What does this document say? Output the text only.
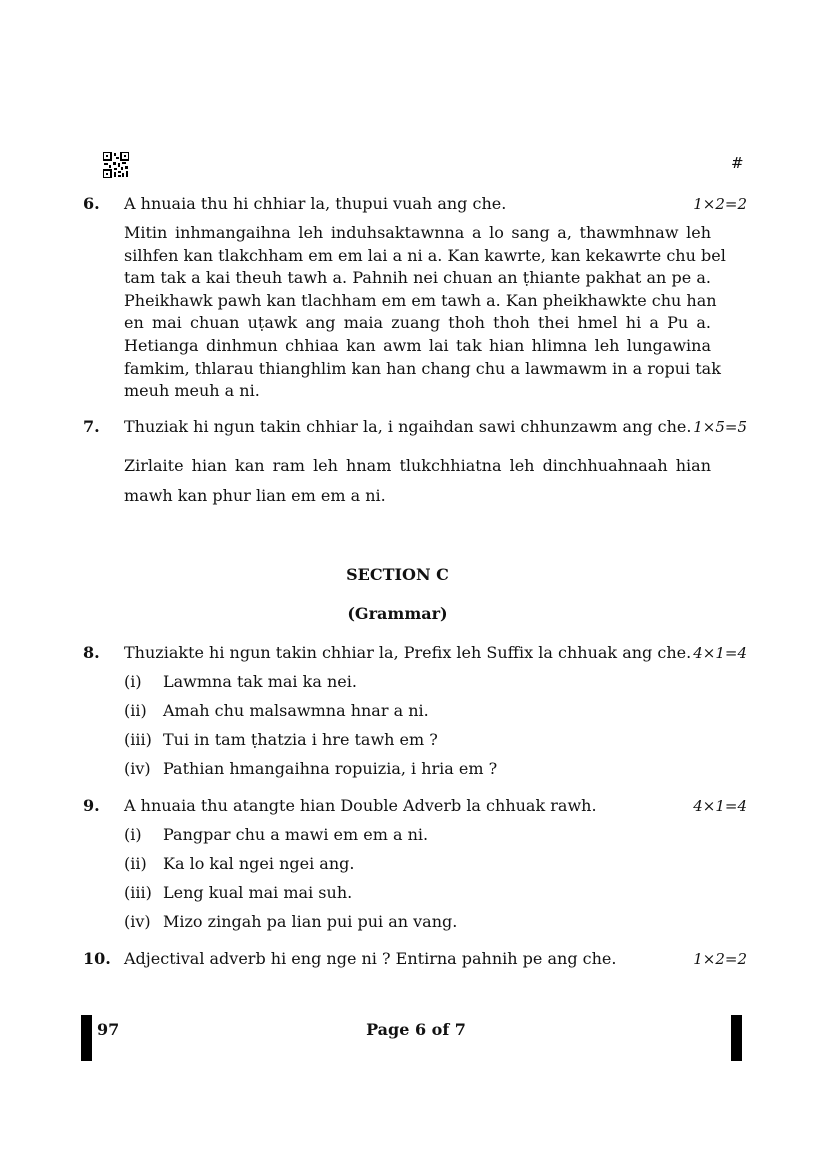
#
6. A hnuaia thu hi chhiar la, thupui vuah ang che.	1×2=2
Mitin inhmangaihna leh induhsaktawnna a lo sang a, thawmhnaw leh
silhfen kan tlakchham em em lai a ni a. Kan kawrte, kan kekawrte chu bel
tam tak a kai theuh tawh a. Pahnih nei chuan an ṭhiante pakhat an pe a.
Pheikhawk pawh kan tlachham em em tawh a. Kan pheikhawkte chu han
en mai chuan uṭawk ang maia zuang thoh thoh thei hmel hi a Pu a.
Hetianga dinhmun chhiaa kan awm lai tak hian hlimna leh lungawina
famkim, thlarau thianghlim kan han chang chu a lawmawm in a ropui tak
meuh meuh a ni.
7. Thuziak hi ngun takin chhiar la, i ngaihdan sawi chhunzawm ang che. 1×5=5
Zirlaite hian kan ram leh hnam tlukchhiatna leh dinchhuahnaah hian
mawh kan phur lian em em a ni.
SECTION C
(Grammar)
8. Thuziakte hi ngun takin chhiar la, Prefix leh Suffix la chhuak ang che. 4×1=4
(i) Lawmna tak mai ka nei.
(ii) Amah chu malsawmna hnar a ni.
(iii) Tui in tam ṭhatzia i hre tawh em ?
(iv) Pathian hmangaihna ropuizia, i hria em ?
9. A hnuaia thu atangte hian Double Adverb la chhuak rawh.	4×1=4
(i) Pangpar chu a mawi em em a ni.
(ii) Ka lo kal ngei ngei ang.
(iii) Leng kual mai mai suh.
(iv) Mizo zingah pa lian pui pui an vang.
10. Adjectival adverb hi eng nge ni ? Entirna pahnih pe ang che.	1×2=2
97	Page 6 of 7
